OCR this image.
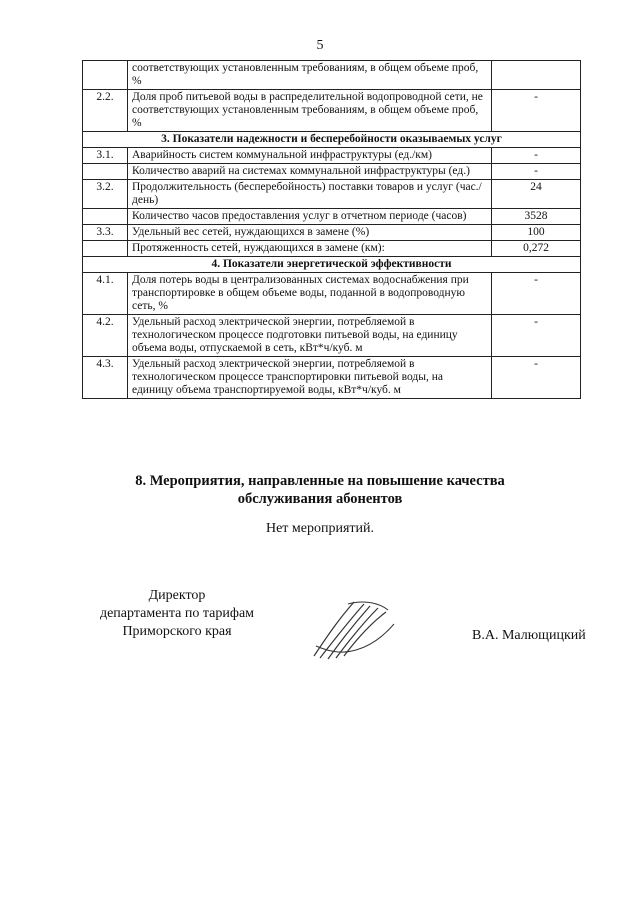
5
	соответствующих установленным требованиям, в общем объеме проб, %	
2.2.	Доля проб питьевой воды в распределительной водопроводной сети, не соответствующих установленным требованиям, в общем объеме проб, %	-
3. Показатели надежности и бесперебойности оказываемых услуг		
3.1.	Аварийность систем коммунальной инфраструктуры (ед./км)	-
	Количество аварий на системах коммунальной инфраструктуры (ед.)	-
3.2.	Продолжительность (бесперебойность) поставки товаров и услуг (час./день)	24
	Количество часов предоставления услуг в отчетном периоде (часов)	3528
3.3.	Удельный вес сетей, нуждающихся в замене (%)	100
	Протяженность сетей, нуждающихся в замене (км):	0,272
4. Показатели энергетической эффективности		
4.1.	Доля потерь воды в централизованных системах водоснабжения при транспортировке в общем объеме воды, поданной в водопроводную сеть, %	-
4.2.	Удельный расход электрической энергии, потребляемой в технологическом процессе подготовки питьевой воды, на единицу объема воды, отпускаемой в сеть, кВт*ч/куб. м	-
4.3.	Удельный расход электрической энергии, потребляемой в технологическом процессе транспортировки питьевой воды, на единицу объема транспортируемой воды, кВт*ч/куб. м	-
8. Мероприятия, направленные на повышение качества
обслуживания абонентов
Нет мероприятий.
Директор
департамента по тарифам
Приморского края	В.А. Малющицкий
